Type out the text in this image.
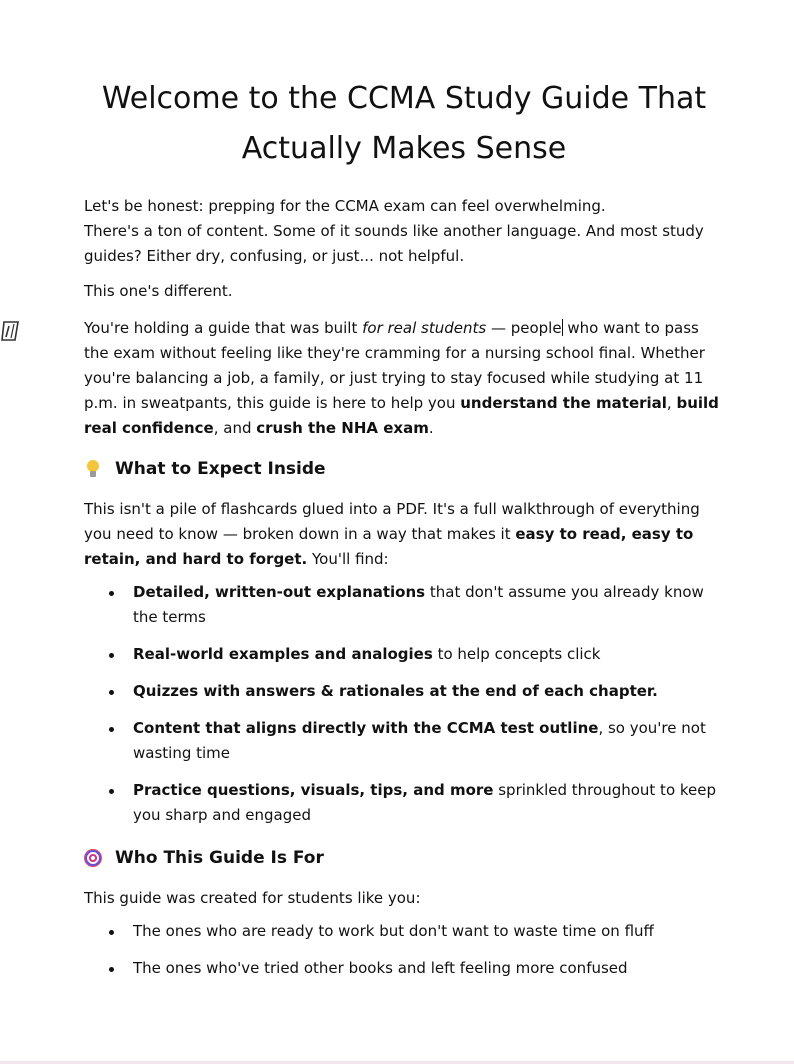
Welcome to the CCMA Study Guide That
Actually Makes Sense

Let's be honest: prepping for the CCMA exam can feel overwhelming.
There's a ton of content. Some of it sounds like another language. And most study guides? Either dry, confusing, or just... not helpful.

This one's different.

You're holding a guide that was built for real students — people who want to pass the exam without feeling like they're cramming for a nursing school final. Whether you're balancing a job, a family, or just trying to stay focused while studying at 11 p.m. in sweatpants, this guide is here to help you understand the material, build real confidence, and crush the NHA exam.

What to Expect Inside

This isn't a pile of flashcards glued into a PDF. It's a full walkthrough of everything you need to know — broken down in a way that makes it easy to read, easy to retain, and hard to forget. You'll find:

Detailed, written-out explanations that don't assume you already know the terms
Real-world examples and analogies to help concepts click
Quizzes with answers & rationales at the end of each chapter.
Content that aligns directly with the CCMA test outline, so you're not wasting time
Practice questions, visuals, tips, and more sprinkled throughout to keep you sharp and engaged
Who This Guide Is For

This guide was created for students like you:

The ones who are ready to work but don't want to waste time on fluff
The ones who've tried other books and left feeling more confused
